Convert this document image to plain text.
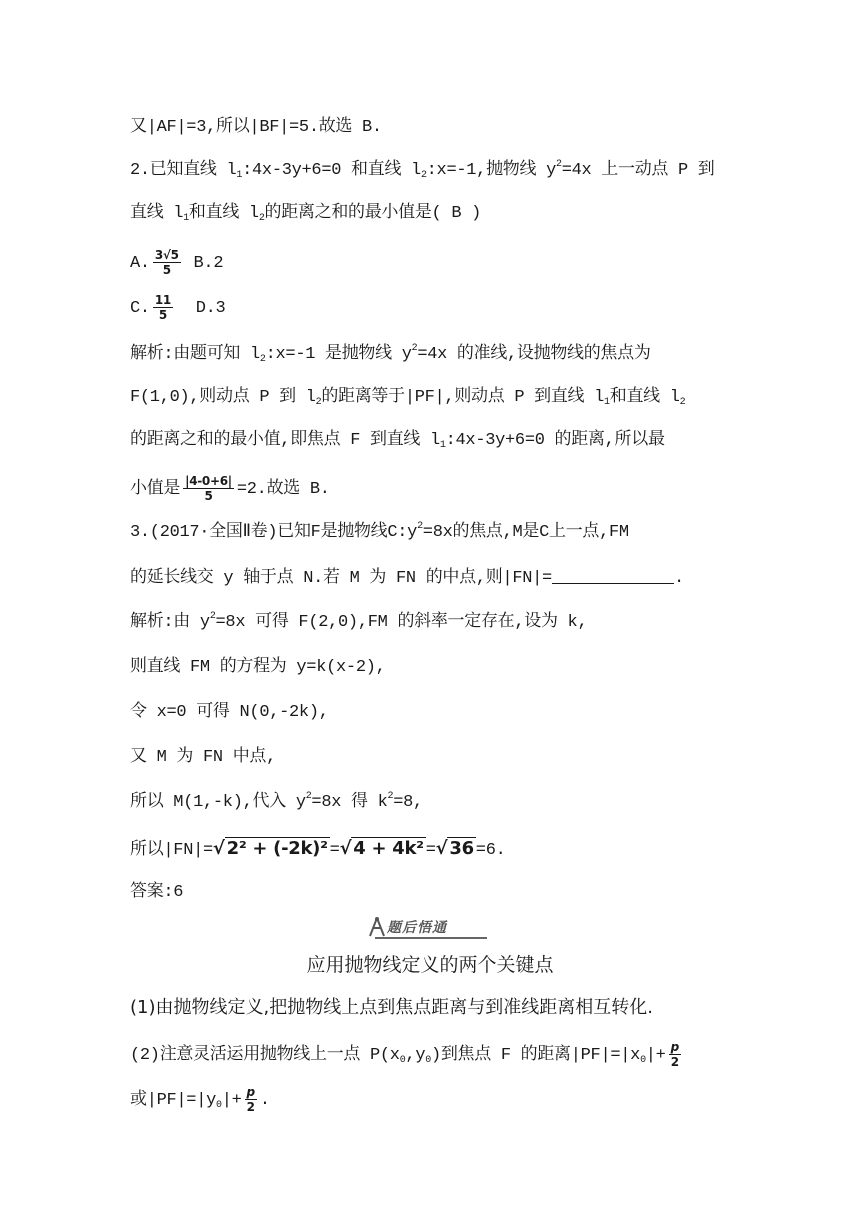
又|AF|=3,所以|BF|=5.故选 B.
2.已知直线 $l_1:4x-3y+6=0$ 和直线 $l_2:x=-1$,抛物线 $y^2=4x$ 上一动点 P 到
直线 $l_1$和直线 $l_2$的距离之和的最小值是( B )
A. $\frac{3√5}{5} B.2$
C. $\frac{11}{5} D.3$
解析:由题可知 $l_2:x=-1$ 是抛物线 $y^2=4x$ 的准线,设抛物线的焦点为
F(1,0),则动点 P 到 $l_2$的距离等于|PF|,则动点 P 到直线 $l_1$和直线 $l_2$
的距离之和的最小值,即焦点 F 到直线 $l_1:4x-3y+6=0$ 的距离,所以最
小值是 $\frac{|4-0+6|}{5} =2$.故选 B.
3.(2017·全国Ⅱ卷)已知F是抛物线$C:y^2=8x$的焦点,M是C上一点,FM
的延长线交 y 轴于点 N.若 M 为 FN 的中点,则|FN|=	.
解析:由 $y^2=8x$ 可得 F(2,0),FM 的斜率一定存在,设为 k,
则直线 FM 的方程为 y=k(x-2),
令 x=0 可得 N(0,-2k),
又 M 为 FN 中点,
所以 M(1,-k),代入 $y^2=8x$ 得 $k^2=8$,
所以|FN|=√ 2² + (-2k)² =√ 4 + 4k² =√ 36 =6.
答案:6
题后悟通
应用抛物线定义的两个关键点
(1)由抛物线定义,把抛物线上点到焦点距离与到准线距离相互转化.
(2)注意灵活运用抛物线上一点 $P(x_0,y_0)$到焦点 F 的距离$|PF|=|x_0|+ \frac{p}{2}$
或$|PF|=|y_0|+ \frac{p}{2}$ .
